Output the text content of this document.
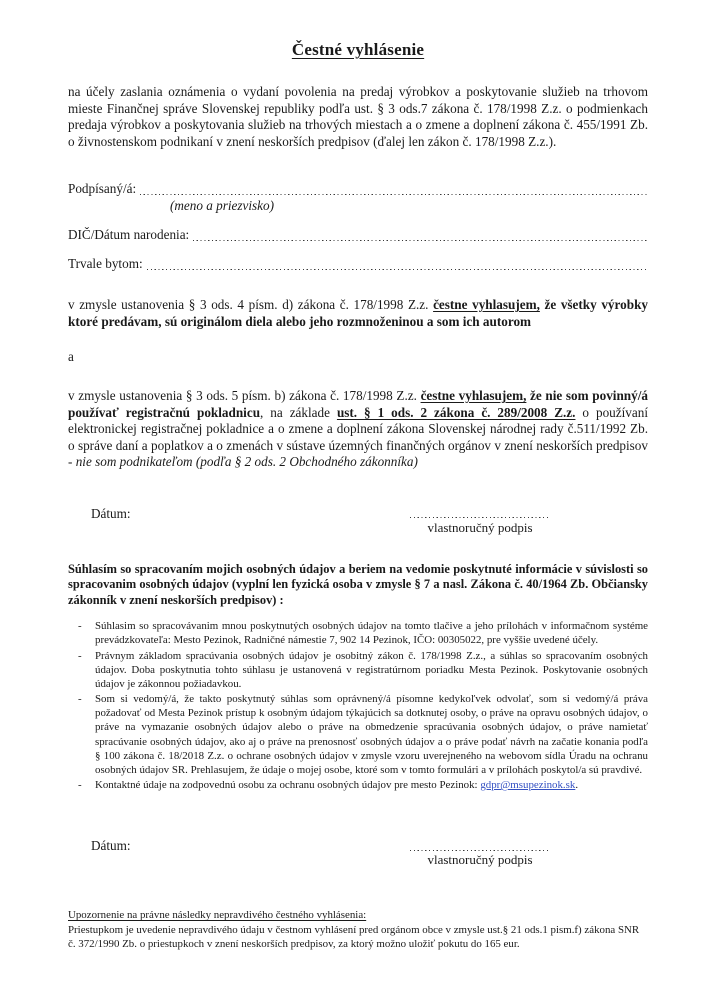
Čestné vyhlásenie

na účely zaslania oznámenia o vydaní povolenia na predaj výrobkov a poskytovanie služieb na trhovom mieste Finančnej správe Slovenskej republiky podľa ust. § 3 ods.7 zákona č. 178/1998 Z.z. o podmienkach predaja výrobkov a poskytovania služieb na trhových miestach a o zmene a doplnení zákona č. 455/1991 Zb. o živnostenskom podnikaní v znení neskorších predpisov (ďalej len zákon č. 178/1998 Z.z.).

Podpísaný/á:
(meno a priezvisko)
DIČ/Dátum narodenia:
Trvale bytom:

v zmysle ustanovenia § 3 ods. 4 písm. d) zákona č. 178/1998 Z.z. čestne vyhlasujem, že všetky výrobky ktoré predávam, sú originálom diela alebo jeho rozmnoženinou a som ich autorom

a

v zmysle ustanovenia § 3 ods. 5 písm. b) zákona č. 178/1998 Z.z. čestne vyhlasujem, že nie som povinný/á používať registračnú pokladnicu, na základe ust. § 1 ods. 2 zákona č. 289/2008 Z.z. o používaní elektronickej registračnej pokladnice a o zmene a doplnení zákona Slovenskej národnej rady č.511/1992 Zb. o správe daní a poplatkov a o zmenách v sústave územných finančných orgánov v znení neskorších predpisov - nie som podnikateľom (podľa § 2 ods. 2 Obchodného zákonníka)

Dátum:
vlastnoručný podpis

Súhlasím so spracovaním mojich osobných údajov a beriem na vedomie poskytnuté informácie v súvislosti so spracovanim osobných údajov (vyplní len fyzická osoba v zmysle § 7 a nasl. Zákona č. 40/1964 Zb. Občiansky zákonník v znení neskorších predpisov) :

- Súhlasim so spracovávanim mnou poskytnutých osobných údajov na tomto tlačive a jeho prílohách v informačnom systéme prevádzkovateľa: Mesto Pezinok, Radničné námestie 7, 902 14 Pezinok, IČO: 00305022, pre vyššie uvedené účely.
- Právnym základom spracúvania osobných údajov je osobitný zákon č. 178/1998 Z.z., a súhlas so spracovaním osobných údajov. Doba poskytnutia tohto súhlasu je ustanovená v registratúrnom poriadku Mesta Pezinok. Poskytovanie osobných údajov je zákonnou požiadavkou.
- Som si vedomý/á, že takto poskytnutý súhlas som oprávnený/á písomne kedykoľvek odvolať, som si vedomý/á práva požadovať od Mesta Pezinok prístup k osobným údajom týkajúcich sa dotknutej osoby, o práve na opravu osobných údajov, o práve na vymazanie osobných údajov alebo o práve na obmedzenie spracúvania osobných údajov, o práve namietať spracúvanie osobných údajov, ako aj o práve na prenosnosť osobných údajov a o práve podať návrh na začatie konania podľa § 100 zákona č. 18/2018 Z.z. o ochrane osobných údajov v zmysle vzoru uverejneného na webovom sídla Úradu na ochranu osobných údajov SR. Prehlasujem, že údaje o mojej osobe, ktoré som v tomto formulári a v prílohách poskytol/a sú pravdivé.
- Kontaktné údaje na zodpovednú osobu za ochranu osobných údajov pre mesto Pezinok: gdpr@msupezinok.sk.
Dátum:
vlastnoručný podpis
Upozornenie na právne následky nepravdivého čestného vyhlásenia:
Priestupkom je uvedenie nepravdivého údaju v čestnom vyhlásení pred orgánom obce v zmysle ust.§ 21 ods.1 pism.f) zákona SNR č. 372/1990 Zb. o priestupkoch v znení neskorších predpisov, za ktorý možno uložiť pokutu do 165 eur.
